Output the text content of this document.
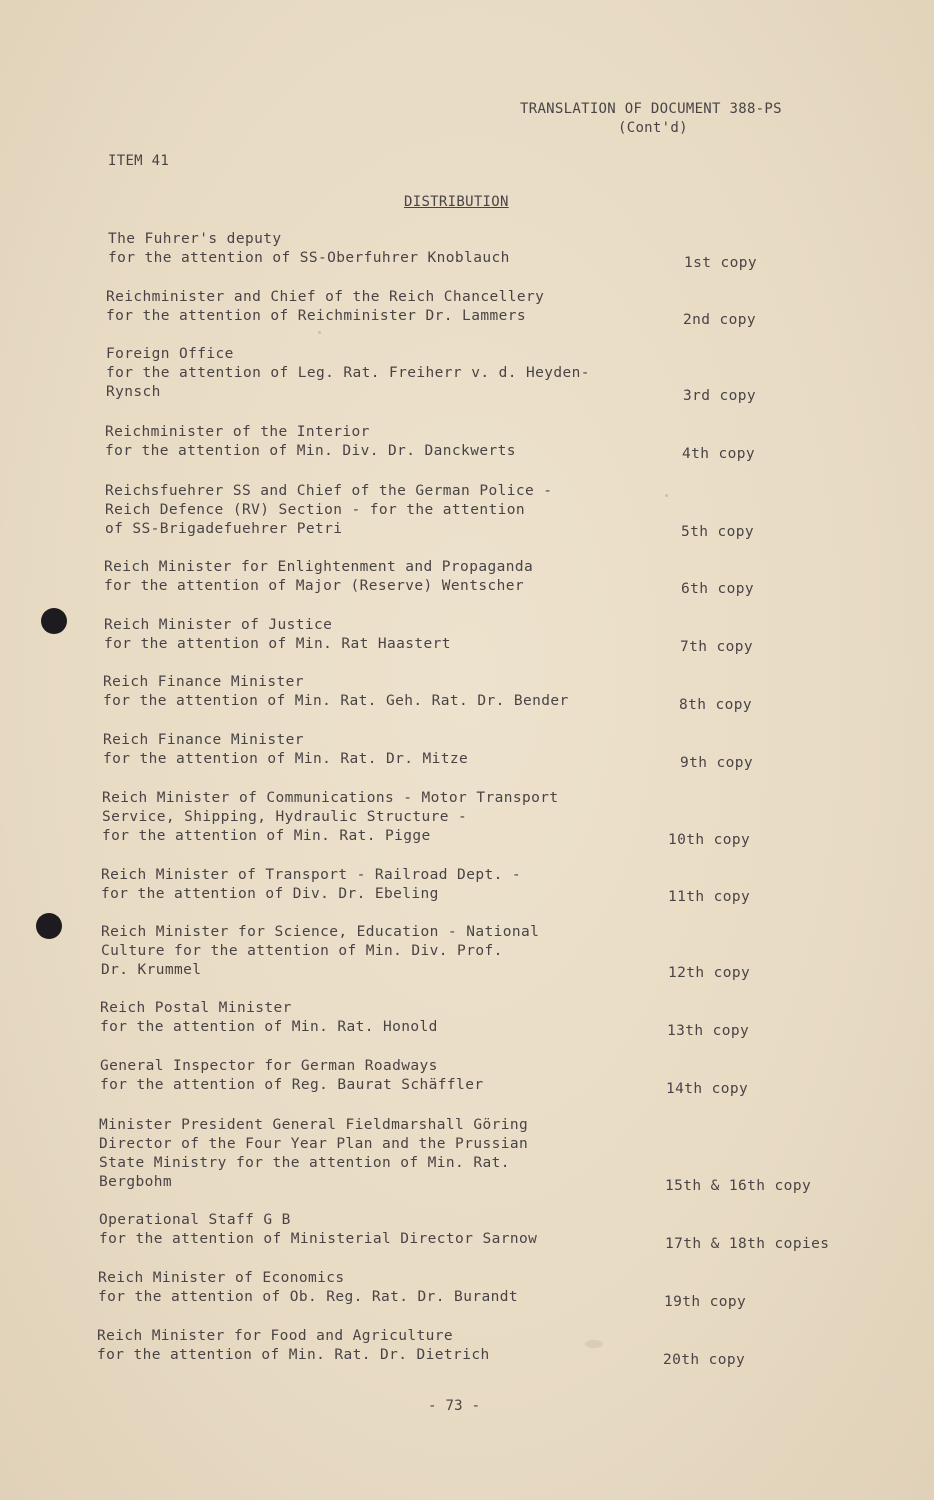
TRANSLATION OF DOCUMENT 388-PS
(Cont'd)
ITEM 41
DISTRIBUTION
The Fuhrer's deputy
for the attention of SS-Oberfuhrer Knoblauch	1st copy
Reichminister and Chief of the Reich Chancellery
for the attention of Reichminister Dr. Lammers	2nd copy
Foreign Office
for the attention of Leg. Rat. Freiherr v. d. Heyden-
Rynsch	3rd copy
Reichminister of the Interior
for the attention of Min. Div. Dr. Danckwerts	4th copy
Reichsfuehrer SS and Chief of the German Police -
Reich Defence (RV) Section - for the attention
of SS-Brigadefuehrer Petri	5th copy
Reich Minister for Enlightenment and Propaganda
for the attention of Major (Reserve) Wentscher	6th copy
Reich Minister of Justice
for the attention of Min. Rat Haastert	7th copy
Reich Finance Minister
for the attention of Min. Rat. Geh. Rat. Dr. Bender	8th copy
Reich Finance Minister
for the attention of Min. Rat. Dr. Mitze	9th copy
Reich Minister of Communications - Motor Transport
Service, Shipping, Hydraulic Structure -
for the attention of Min. Rat. Pigge	10th copy
Reich Minister of Transport - Railroad Dept. -
for the attention of Div. Dr. Ebeling	11th copy
Reich Minister for Science, Education - National
Culture for the attention of Min. Div. Prof.
Dr. Krummel	12th copy
Reich Postal Minister
for the attention of Min. Rat. Honold	13th copy
General Inspector for German Roadways
for the attention of Reg. Baurat Schäffler	14th copy
Minister President General Fieldmarshall Göring
Director of the Four Year Plan and the Prussian
State Ministry for the attention of Min. Rat.
Bergbohm	15th & 16th copy
Operational Staff G B
for the attention of Ministerial Director Sarnow	17th & 18th copies
Reich Minister of Economics
for the attention of Ob. Reg. Rat. Dr. Burandt	19th copy
Reich Minister for Food and Agriculture
for the attention of Min. Rat. Dr. Dietrich	20th copy
- 73 -
